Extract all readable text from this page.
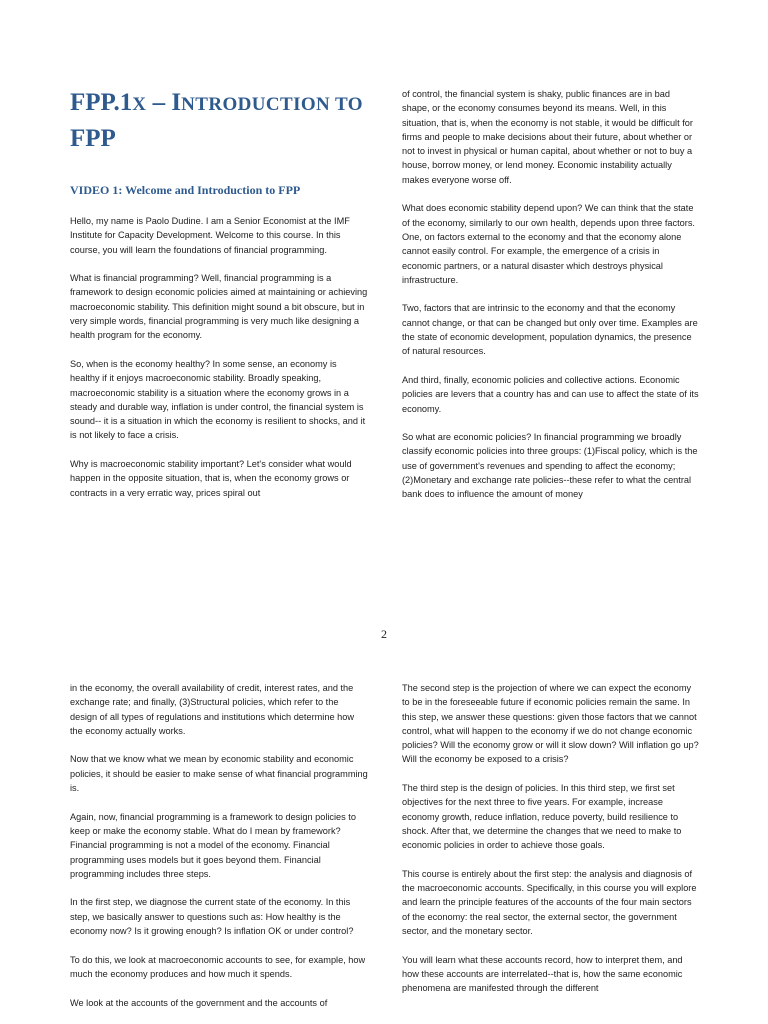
FPP.1X – INTRODUCTION TO
FPP
VIDEO 1: Welcome and Introduction to FPP

Hello, my name is Paolo Dudine. I am a Senior Economist at the IMF Institute for Capacity Development. Welcome to this course. In this course, you will learn the foundations of financial programming.

What is financial programming? Well, financial programming is a framework to design economic policies aimed at maintaining or achieving macroeconomic stability. This definition might sound a bit obscure, but in very simple words, financial programming is very much like designing a health program for the economy.

So, when is the economy healthy? In some sense, an economy is healthy if it enjoys macroeconomic stability. Broadly speaking, macroeconomic stability is a situation where the economy grows in a steady and durable way, inflation is under control, the financial system is sound-- it is a situation in which the economy is resilient to shocks, and it is not likely to face a crisis.

Why is macroeconomic stability important? Let's consider what would happen in the opposite situation, that is, when the economy grows or contracts in a very erratic way, prices spiral out

of control, the financial system is shaky, public finances are in bad shape, or the economy consumes beyond its means. Well, in this situation, that is, when the economy is not stable, it would be difficult for firms and people to make decisions about their future, about whether or not to invest in physical or human capital, about whether or not to buy a house, borrow money, or lend money. Economic instability actually makes everyone worse off.

What does economic stability depend upon? We can think that the state of the economy, similarly to our own health, depends upon three factors. One, on factors external to the economy and that the economy alone cannot easily control. For example, the emergence of a crisis in economic partners, or a natural disaster which destroys physical infrastructure.

Two, factors that are intrinsic to the economy and that the economy cannot change, or that can be changed but only over time. Examples are the state of economic development, population dynamics, the presence of natural resources.

And third, finally, economic policies and collective actions. Economic policies are levers that a country has and can use to affect the state of its economy.

So what are economic policies? In financial programming we broadly classify economic policies into three groups: (1)Fiscal policy, which is the use of government's revenues and spending to affect the economy; (2)Monetary and exchange rate policies--these refer to what the central bank does to influence the amount of money

2

in the economy, the overall availability of credit, interest rates, and the exchange rate; and finally, (3)Structural policies, which refer to the design of all types of regulations and institutions which determine how the economy actually works.

Now that we know what we mean by economic stability and economic policies, it should be easier to make sense of what financial programming is.

Again, now, financial programming is a framework to design policies to keep or make the economy stable. What do I mean by framework? Financial programming is not a model of the economy. Financial programming uses models but it goes beyond them. Financial programming includes three steps.

In the first step, we diagnose the current state of the economy. In this step, we basically answer to questions such as: How healthy is the economy now? Is it growing enough? Is inflation OK or under control?

To do this, we look at macroeconomic accounts to see, for example, how much the economy produces and how much it spends.

We look at the accounts of the government and the accounts of

The second step is the projection of where we can expect the economy to be in the foreseeable future if economic policies remain the same. In this step, we answer these questions: given those factors that we cannot control, what will happen to the economy if we do not change economic policies? Will the economy grow or will it slow down? Will inflation go up? Will the economy be exposed to a crisis?

The third step is the design of policies. In this third step, we first set objectives for the next three to five years. For example, increase economy growth, reduce inflation, reduce poverty, build resilience to shock. After that, we determine the changes that we need to make to economic policies in order to achieve those goals.

This course is entirely about the first step: the analysis and diagnosis of the macroeconomic accounts. Specifically, in this course you will explore and learn the principle features of the accounts of the four main sectors of the economy: the real sector, the external sector, the government sector, and the monetary sector.

You will learn what these accounts record, how to interpret them, and how these accounts are interrelated--that is, how the same economic phenomena are manifested through the different
